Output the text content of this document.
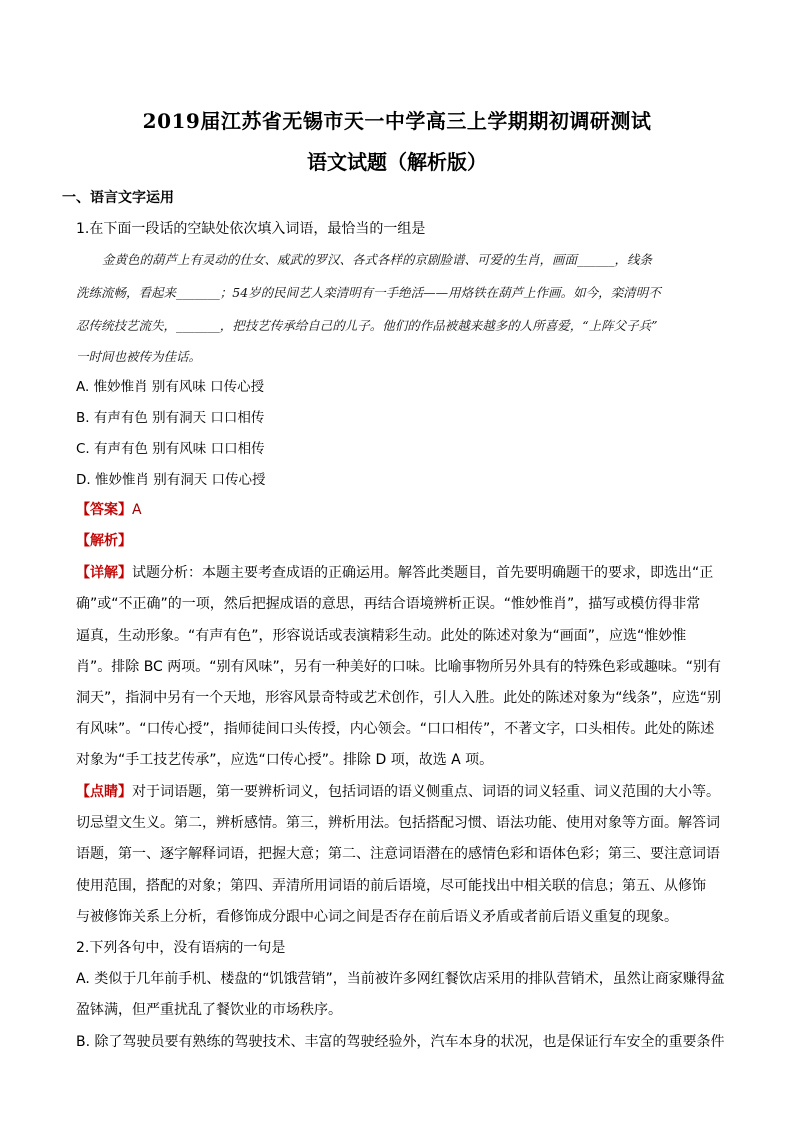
2019届江苏省无锡市天一中学高三上学期期初调研测试
语文试题（解析版）
一、语言文字运用
1.在下面一段话的空缺处依次填入词语，最恰当的一组是
金黄色的葫芦上有灵动的仕女、威武的罗汉、各式各样的京剧脸谱、可爱的生肖，画面______，线条
洗练流畅，看起来_______；54岁的民间艺人栾清明有一手绝活——用烙铁在葫芦上作画。如今，栾清明不
忍传统技艺流失，_______，把技艺传承给自己的儿子。他们的作品被越来越多的人所喜爱，“上阵父子兵”
一时间也被传为佳话。
A. 惟妙惟肖 别有风味 口传心授
B. 有声有色 别有洞天 口口相传
C. 有声有色 别有风味 口口相传
D. 惟妙惟肖 别有洞天 口传心授
【答案】A
【解析】
【详解】试题分析：本题主要考查成语的正确运用。解答此类题目，首先要明确题干的要求，即选出“正
确”或“不正确”的一项，然后把握成语的意思，再结合语境辨析正误。“惟妙惟肖”，描写或模仿得非常
逼真，生动形象。“有声有色”，形容说话或表演精彩生动。此处的陈述对象为“画面”，应选“惟妙惟
肖”。排除 BC 两项。“别有风味”，另有一种美好的口味。比喻事物所另外具有的特殊色彩或趣味。“别有
洞天”，指洞中另有一个天地，形容风景奇特或艺术创作，引人入胜。此处的陈述对象为“线条”，应选“别
有风味”。“口传心授”，指师徒间口头传授，内心领会。“口口相传”，不著文字，口头相传。此处的陈述
对象为“手工技艺传承”，应选“口传心授”。排除 D 项，故选 A 项。
【点睛】对于词语题，第一要辨析词义，包括词语的语义侧重点、词语的词义轻重、词义范围的大小等。
切忌望文生义。第二，辨析感情。第三，辨析用法。包括搭配习惯、语法功能、使用对象等方面。解答词
语题，第一、逐字解释词语，把握大意；第二、注意词语潜在的感情色彩和语体色彩；第三、要注意词语
使用范围，搭配的对象；第四、弄清所用词语的前后语境，尽可能找出中相关联的信息；第五、从修饰
与被修饰关系上分析，看修饰成分跟中心词之间是否存在前后语义矛盾或者前后语义重复的现象。
2.下列各句中，没有语病的一句是
A. 类似于几年前手机、楼盘的“饥饿营销”，当前被许多网红餐饮店采用的排队营销术，虽然让商家赚得盆
盈钵满，但严重扰乱了餐饮业的市场秩序。
B. 除了驾驶员要有熟练的驾驶技术、丰富的驾驶经验外，汽车本身的状况，也是保证行车安全的重要条件
